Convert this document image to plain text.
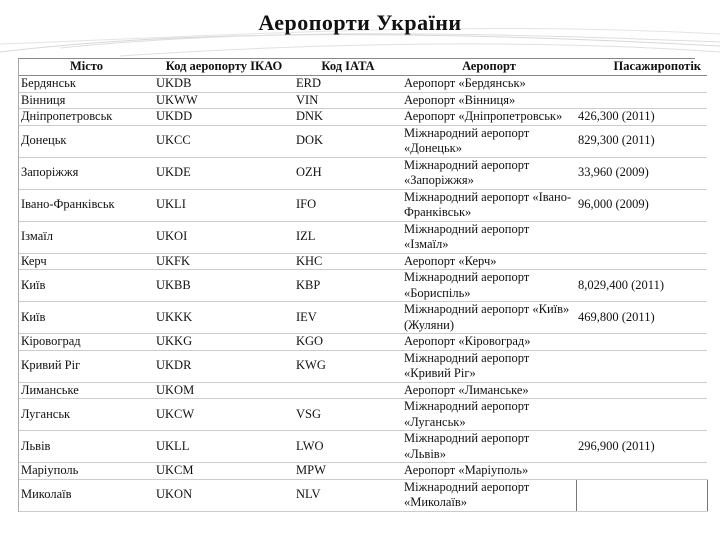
Аеропорти України
Місто	Код аеропорту ІКАО	Код IATA	Аеропорт	Пасажиропотік
Бердянськ	UKDB	ERD	Аеропорт «Бердянськ»	
Вінниця	UKWW	VIN	Аеропорт «Вінниця»	
Дніпропетровськ	UKDD	DNK	Аеропорт «Дніпропетровськ»	426,300 (2011)
Донецьк	UKCC	DOK	Міжнародний аеропорт «Донецьк»	829,300 (2011)
Запоріжжя	UKDE	OZH	Міжнародний аеропорт «Запоріжжя»	33,960 (2009)
Івано-Франківськ	UKLI	IFO	Міжнародний аеропорт «Івано-Франківськ»	96,000 (2009)
Ізмаїл	UKOI	IZL	Міжнародний аеропорт «Ізмаїл»	
Керч	UKFK	KHC	Аеропорт «Керч»	
Київ	UKBB	KBP	Міжнародний аеропорт «Бориспіль»	8,029,400 (2011)
Київ	UKKK	IEV	Міжнародний аеропорт «Київ» (Жуляни)	469,800 (2011)
Кіровоград	UKKG	KGO	Аеропорт «Кіровоград»	
Кривий Ріг	UKDR	KWG	Міжнародний аеропорт «Кривий Ріг»	
Лиманське	UKOM		Аеропорт «Лиманське»	
Луганськ	UKCW	VSG	Міжнародний аеропорт «Луганськ»	
Львів	UKLL	LWO	Міжнародний аеропорт «Львів»	296,900 (2011)
Маріуполь	UKCM	MPW	Аеропорт «Маріуполь»	
Миколаїв	UKON	NLV	Міжнародний аеропорт «Миколаїв»	
